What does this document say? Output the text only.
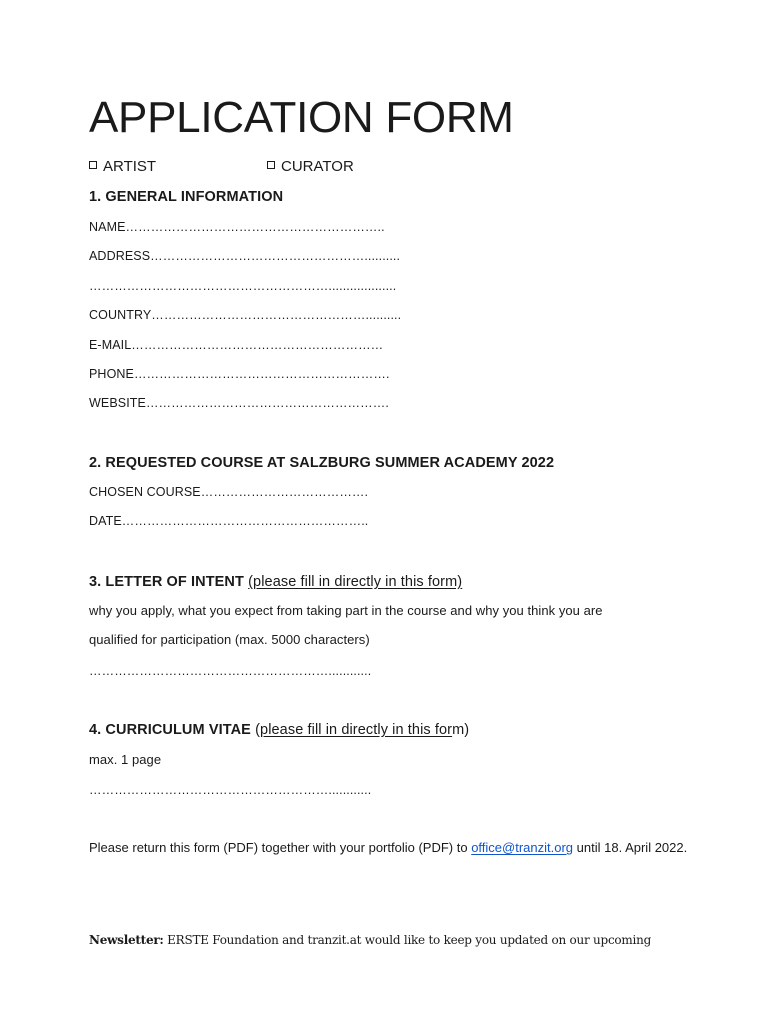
APPLICATION FORM
ARTIST	CURATOR
1. GENERAL INFORMATION
NAME……………………………………………………..
ADDRESS……………………………………………..........
…………………………………………………...................
COUNTRY……………………………………………..........
E-MAIL……………………………………………………
PHONE…………………………………………………….
WEBSITE………………………………………………….
2. REQUESTED COURSE AT SALZBURG SUMMER ACADEMY 2022
CHOSEN COURSE………………………………….
DATE…………………………………………………..
3. LETTER OF INTENT (please fill in directly in this form)
why you apply, what you expect from taking part in the course and why you think you are
qualified for participation (max. 5000 characters)
…………………………………………………............
4. CURRICULUM VITAE (please fill in directly in this form)
max. 1 page
…………………………………………………............
Please return this form (PDF) together with your portfolio (PDF) to office@tranzit.org until 18. April 2022.
Newsletter: ERSTE Foundation and tranzit.at would like to keep you updated on our upcoming
